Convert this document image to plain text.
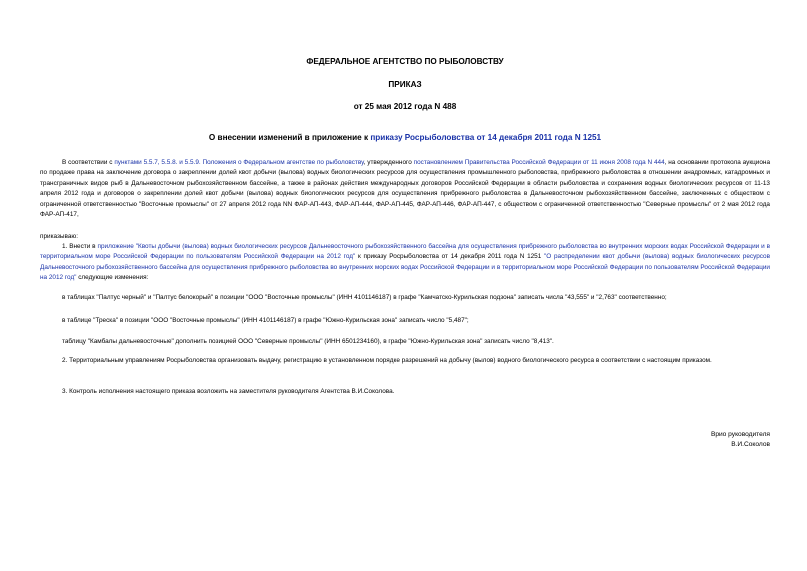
ФЕДЕРАЛЬНОЕ АГЕНТСТВО ПО РЫБОЛОВСТВУ
ПРИКАЗ
от 25 мая 2012 года N 488
О внесении изменений в приложение к приказу Росрыболовства от 14 декабря 2011 года N 1251
В соответствии с пунктами 5.5.7, 5.5.8. и 5.5.9. Положения о Федеральном агентстве по рыболовству, утвержденного постановлением Правительства Российской Федерации от 11 июня 2008 года N 444, на основании протокола аукциона по продаже права на заключение договора о закреплении долей квот добычи (вылова) водных биологических ресурсов для осуществления промышленного рыболовства, прибрежного рыболовства в отношении анадромных, катадромных и трансграничных видов рыб в Дальневосточном рыбохозяйственном бассейне, а также в районах действия международных договоров Российской Федерации в области рыболовства и сохранения водных биологических ресурсов от 11-13 апреля 2012 года и договоров о закреплении долей квот добычи (вылова) водных биологических ресурсов для осуществления прибрежного рыболовства в Дальневосточном рыбохозяйственном бассейне, заключенных с обществом с ограниченной ответственностью "Восточные промыслы" от 27 апреля 2012 года NN ФАР-АП-443, ФАР-АП-444, ФАР-АП-445, ФАР-АП-446, ФАР-АП-447, с обществом с ограниченной ответственностью "Северные промыслы" от 2 мая 2012 года ФАР-АП-417,
приказываю:
1. Внести в приложение "Квоты добычи (вылова) водных биологических ресурсов Дальневосточного рыбохозяйственного бассейна для осуществления прибрежного рыболовства во внутренних морских водах Российской Федерации и в территориальном море Российской Федерации по пользователям Российской Федерации на 2012 год" к приказу Росрыболовства от 14 декабря 2011 года N 1251 "О распределении квот добычи (вылова) водных биологических ресурсов Дальневосточного рыбохозяйственного бассейна для осуществления прибрежного рыболовства во внутренних морских водах Российской Федерации и в территориальном море Российской Федерации по пользователям Российской Федерации на 2012 год" следующие изменения:
в таблицах "Палтус черный" и "Палтус белокорый" в позиции "ООО "Восточные промыслы" (ИНН 4101146187) в графе "Камчатско-Курильская подзона" записать числа "43,555" и "2,763" соответственно;
в таблице "Треска" в позиции "ООО "Восточные промыслы" (ИНН 4101146187) в графе "Южно-Курильская зона" записать число "5,487";
таблицу "Камбалы дальневосточные" дополнить позицией ООО "Северные промыслы" (ИНН 6501234160), в графе "Южно-Курильская зона" записать число "8,413".
2. Территориальным управлениям Росрыболовства организовать выдачу, регистрацию в установленном порядке разрешений на добычу (вылов) водного биологического ресурса в соответствии с настоящим приказом.
3. Контроль исполнения настоящего приказа возложить на заместителя руководителя Агентства В.И.Соколова.
Врио руководителя
В.И.Соколов
